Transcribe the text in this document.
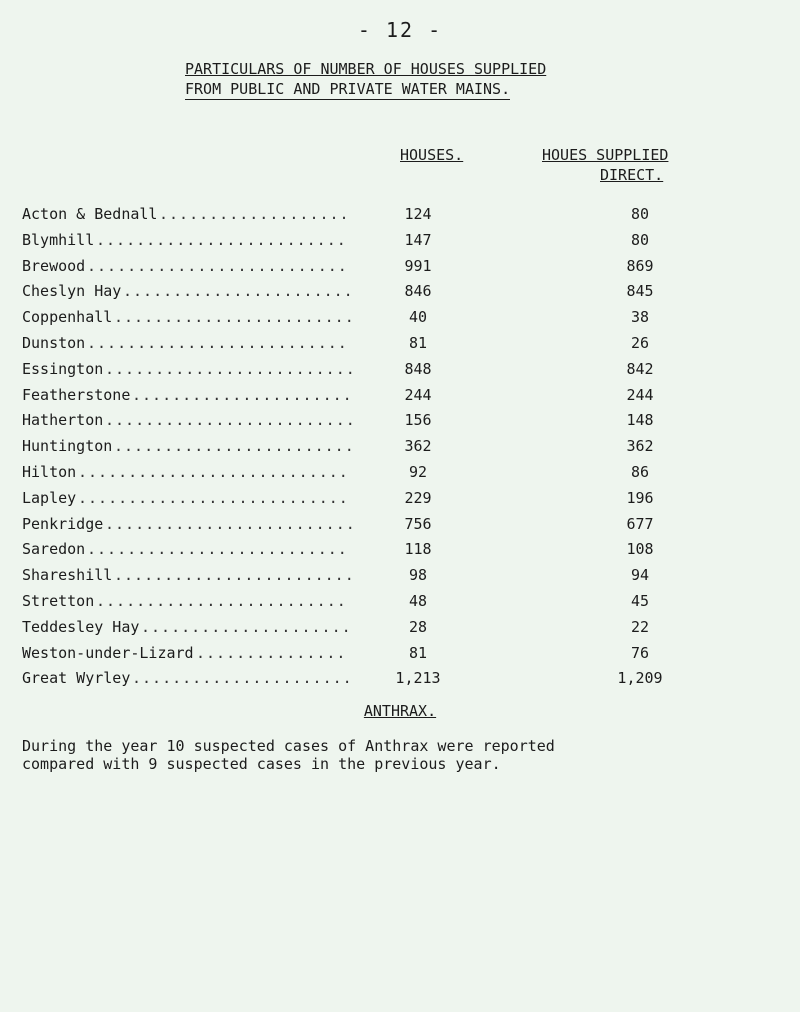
- 12 -
PARTICULARS OF NUMBER OF HOUSES SUPPLIED
FROM PUBLIC AND PRIVATE WATER MAINS.
HOUSES.	HOUES SUPPLIED
DIRECT.
Acton & Bednall ...................	124	80
Blymhill .........................	147	80
Brewood ..........................	991	869
Cheslyn Hay .......................	846	845
Coppenhall ........................	40	38
Dunston ..........................	81	26
Essington .........................	848	842
Featherstone ......................	244	244
Hatherton .........................	156	148
Huntington ........................	362	362
Hilton ...........................	92	86
Lapley ...........................	229	196
Penkridge .........................	756	677
Saredon ..........................	118	108
Shareshill ........................	98	94
Stretton .........................	48	45
Teddesley Hay .....................	28	22
Weston-under-Lizard ...............	81	76
Great Wyrley ......................	1,213	1,209
ANTHRAX.
During the year 10 suspected cases of Anthrax were reported
compared with 9 suspected cases in the previous year.
